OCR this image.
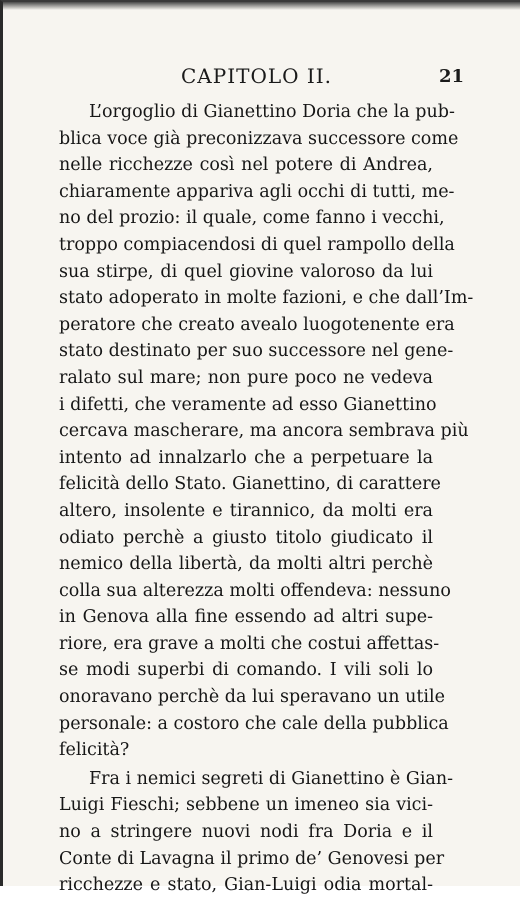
CAPITOLO II.	21
L’orgoglio di Gianettino Doria che la pub-
blica voce già preconizzava successore come
nelle ricchezze così nel potere di Andrea,
chiaramente appariva agli occhi di tutti, me-
no del prozio: il quale, come fanno i vecchi,
troppo compiacendosi di quel rampollo della
sua stirpe, di quel giovine valoroso da lui
stato adoperato in molte fazioni, e che dall’Im-
peratore che creato avealo luogotenente era
stato destinato per suo successore nel gene-
ralato sul mare; non pure poco ne vedeva
i difetti, che veramente ad esso Gianettino
cercava mascherare, ma ancora sembrava più
intento ad innalzarlo che a perpetuare la
felicità dello Stato. Gianettino, di carattere
altero, insolente e tirannico, da molti era
odiato perchè a giusto titolo giudicato il
nemico della libertà, da molti altri perchè
colla sua alterezza molti offendeva: nessuno
in Genova alla fine essendo ad altri supe-
riore, era grave a molti che costui affettas-
se modi superbi di comando. I vili soli lo
onoravano perchè da lui speravano un utile
personale: a costoro che cale della pubblica
felicità?
Fra i nemici segreti di Gianettino è Gian-
Luigi Fieschi; sebbene un imeneo sia vici-
no a stringere nuovi nodi fra Doria e il
Conte di Lavagna il primo de’ Genovesi per
ricchezze e stato, Gian-Luigi odia mortal-
